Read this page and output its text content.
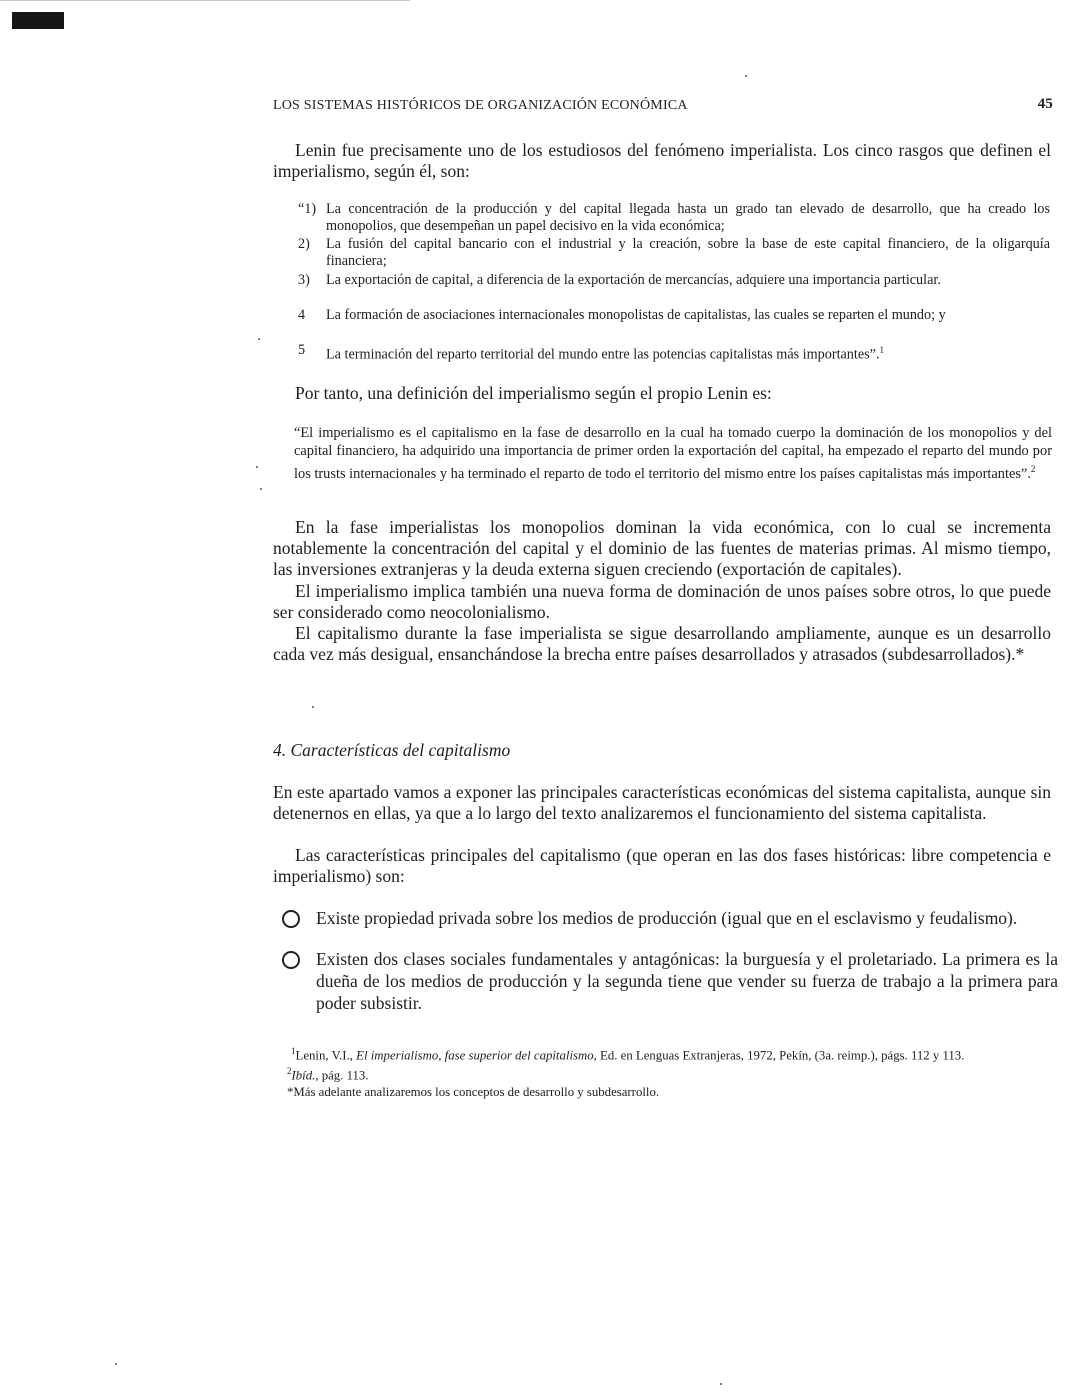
LOS SISTEMAS HISTÓRICOS DE ORGANIZACIÓN ECONÓMICA	45

Lenin fue precisamente uno de los estudiosos del fenómeno imperialista. Los cinco rasgos que definen el imperialismo, según él, son:

“1) La concentración de la producción y del capital llegada hasta un grado tan elevado de desarrollo, que ha creado los monopolios, que desempeñan un papel decisivo en la vida económica;
2)	La fusión del capital bancario con el industrial y la creación, sobre la base de este capital financiero, de la oligarquía financiera;
3)	La exportación de capital, a diferencia de la exportación de mercancías, adquiere una importancia particular.
4	La formación de asociaciones internacionales monopolistas de capitalistas, las cuales se reparten el mundo; y
5	La terminación del reparto territorial del mundo entre las potencias capitalistas más importantes”.$^1$

Por tanto, una definición del imperialismo según el propio Lenin es:

“El imperialismo es el capitalismo en la fase de desarrollo en la cual ha tomado cuerpo la dominación de los monopolios y del capital financiero, ha adquirido una importancia de primer orden la exportación del capital, ha empezado el reparto del mundo por los trusts internacionales y ha terminado el reparto de todo el territorio del mismo entre los países capitalistas más importantes”.$^2$

En la fase imperialistas los monopolios dominan la vida económica, con lo cual se incrementa notablemente la concentración del capital y el dominio de las fuentes de materias primas. Al mismo tiempo, las inversiones extranjeras y la deuda externa siguen creciendo (exportación de capitales).

El imperialismo implica también una nueva forma de dominación de unos países sobre otros, lo que puede ser considerado como neocolonialismo.

El capitalismo durante la fase imperialista se sigue desarrollando ampliamente, aunque es un desarrollo cada vez más desigual, ensanchándose la brecha entre países desarrollados y atrasados (subdesarrollados).*

4. Características del capitalismo

En este apartado vamos a exponer las principales características económicas del sistema capitalista, aunque sin detenernos en ellas, ya que a lo largo del texto analizaremos el funcionamiento del sistema capitalista.

Las características principales del capitalismo (que operan en las dos fases históricas: libre competencia e imperialismo) son:

Existe propiedad privada sobre los medios de producción (igual que en el esclavismo y feudalismo).
Existen dos clases sociales fundamentales y antagónicas: la burguesía y el proletariado. La primera es la dueña de los medios de producción y la segunda tiene que vender su fuerza de trabajo a la primera para poder subsistir.

$^1$Lenin, V.I., El imperialismo, fase superior del capitalismo, Ed. en Lenguas Extranjeras, 1972, Pekín, (3a. reimp.), págs. 112 y 113.

$^2$Ibíd., pág. 113.

*Más adelante analizaremos los conceptos de desarrollo y subdesarrollo.
